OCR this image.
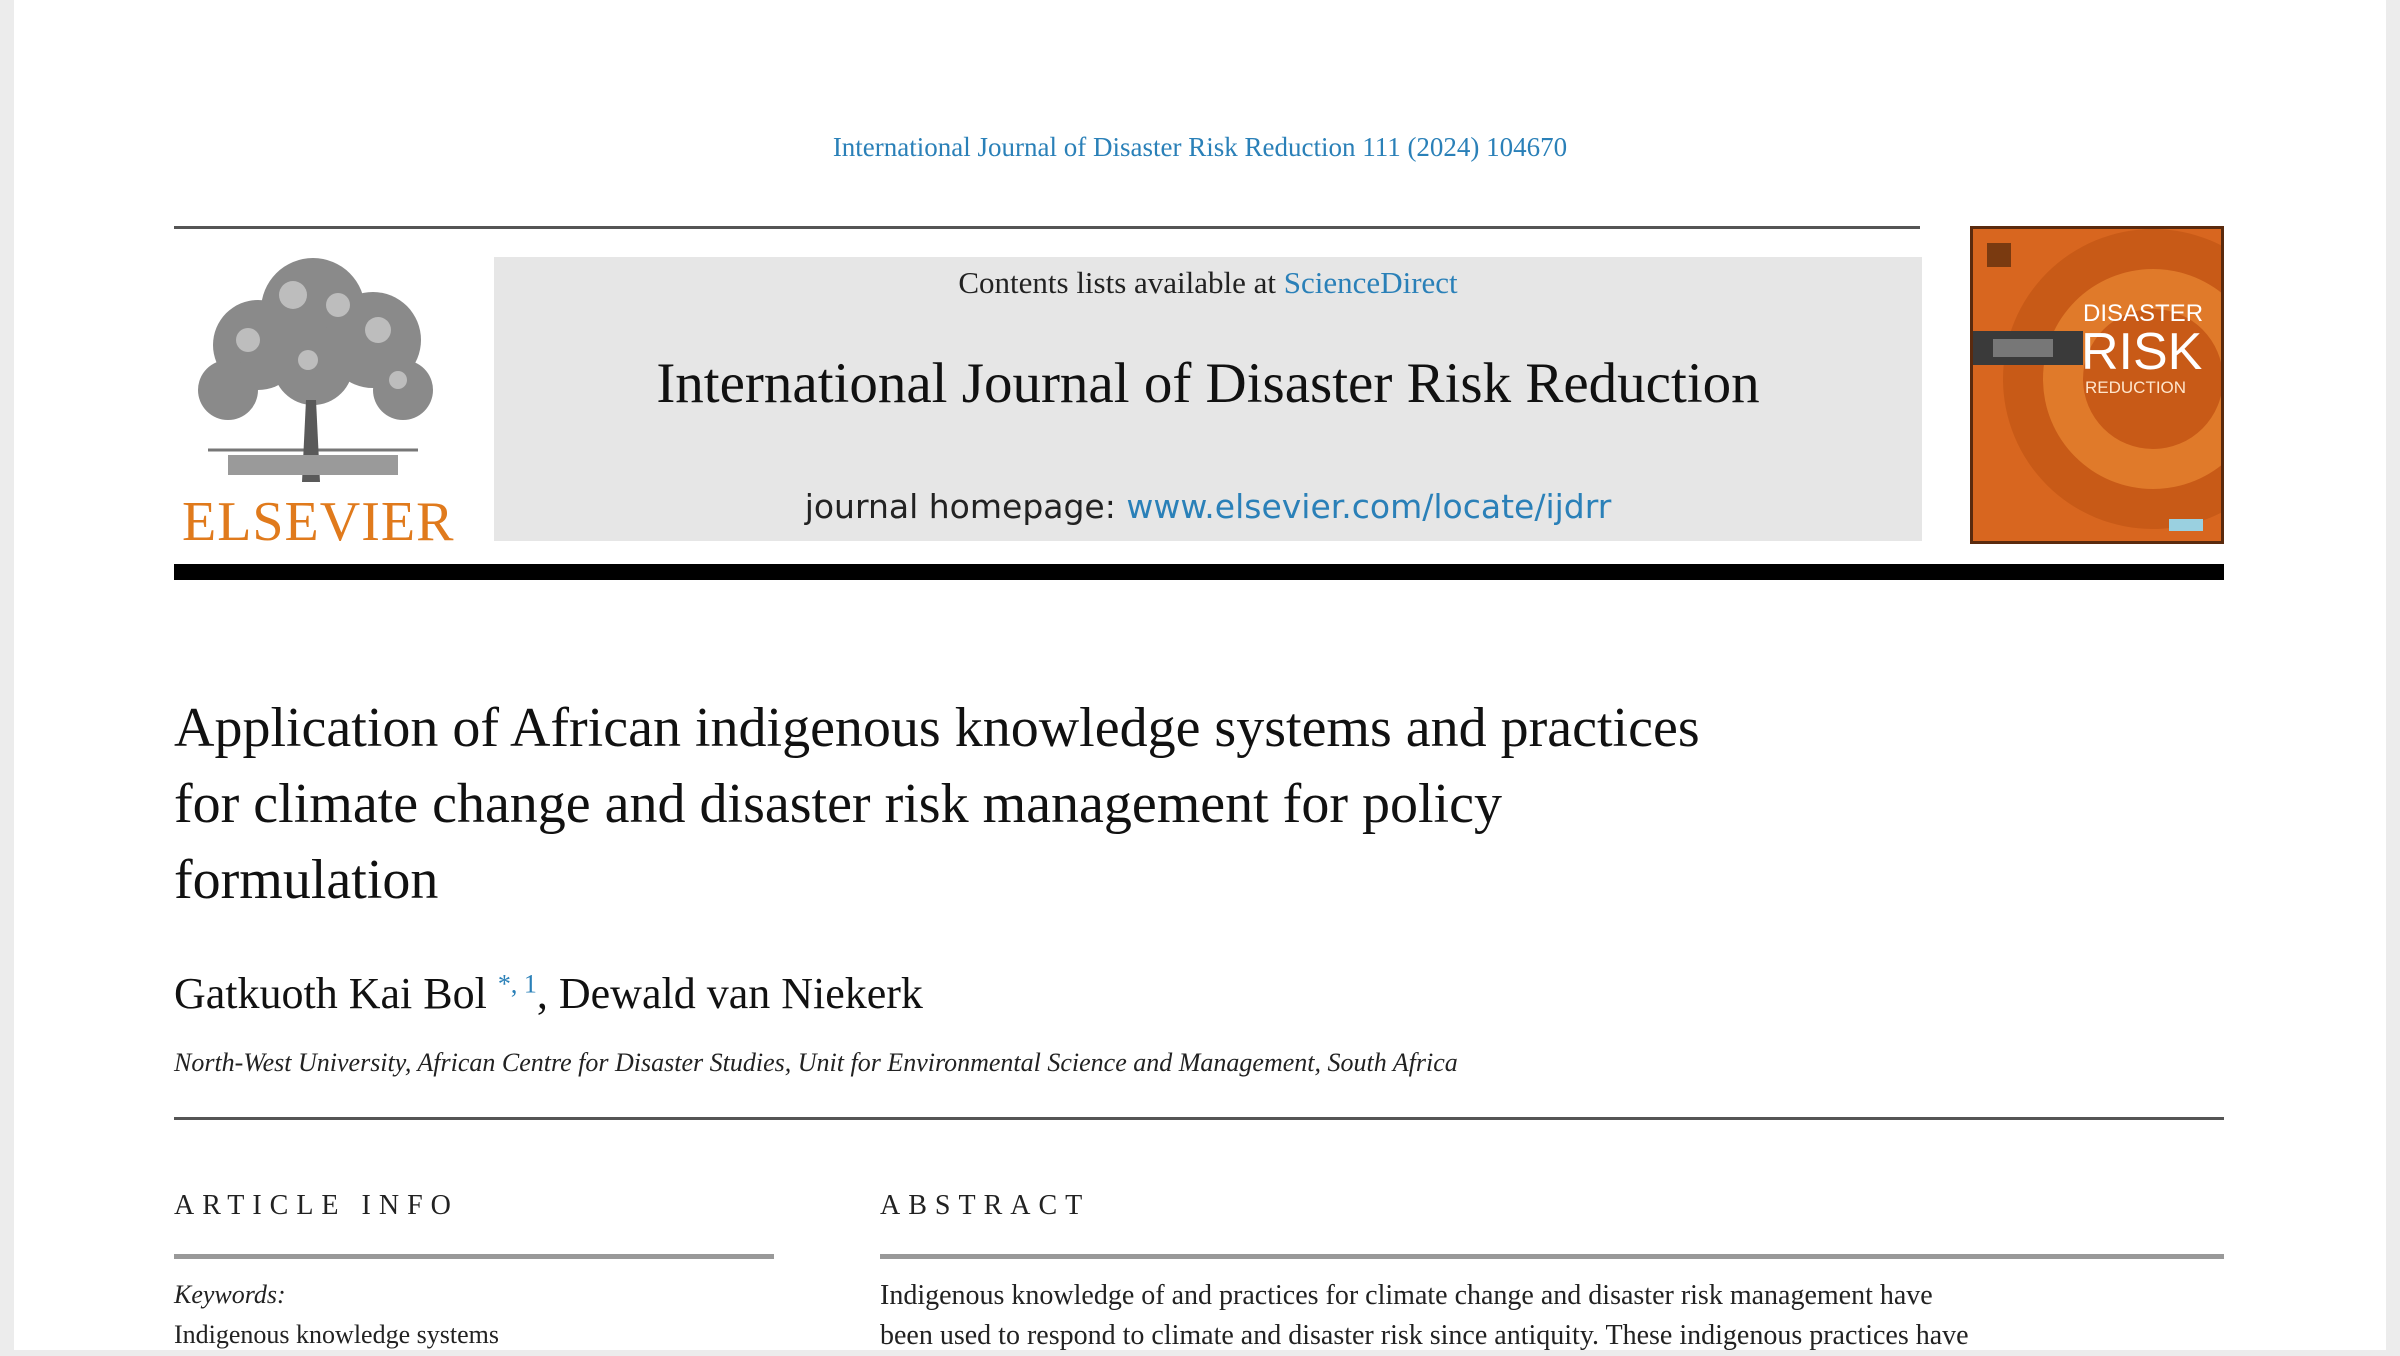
International Journal of Disaster Risk Reduction 111 (2024) 104670
ELSEVIER
Contents lists available at ScienceDirect
International Journal of Disaster Risk Reduction
journal homepage: www.elsevier.com/locate/ijdrr
DISASTER
RISK
REDUCTION
Application of African indigenous knowledge systems and practices
for climate change and disaster risk management for policy
formulation
Gatkuoth Kai Bol $^{*, 1}$, Dewald van Niekerk
North-West University, African Centre for Disaster Studies, Unit for Environmental Science and Management, South Africa
ARTICLE INFO	ABSTRACT
Keywords:
Indigenous knowledge systems
Indigenous knowledge of and practices for climate change and disaster risk management have
been used to respond to climate and disaster risk since antiquity. These indigenous practices have
